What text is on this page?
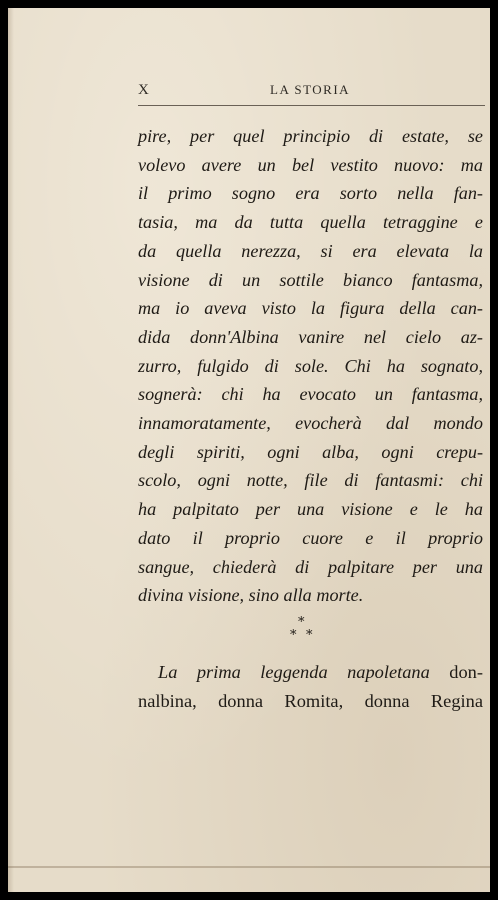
X	LA STORIA
pire, per quel principio di estate, se
volevo avere un bel vestito nuovo: ma
il primo sogno era sorto nella fan-
tasia, ma da tutta quella tetraggine e
da quella nerezza, si era elevata la
visione di un sottile bianco fantasma,
ma io aveva visto la figura della can-
dida donn'Albina vanire nel cielo az-
zurro, fulgido di sole. Chi ha sognato,
sognerà: chi ha evocato un fantasma,
innamoratamente, evocherà dal mondo
degli spiriti, ogni alba, ogni crepu-
scolo, ogni notte, file di fantasmi: chi
ha palpitato per una visione e le ha
dato il proprio cuore e il proprio
sangue, chiederà di palpitare per una
divina visione, sino alla morte.
*
* *
La prima leggenda napoletana don-
nalbina, donna Romita, donna Regina
